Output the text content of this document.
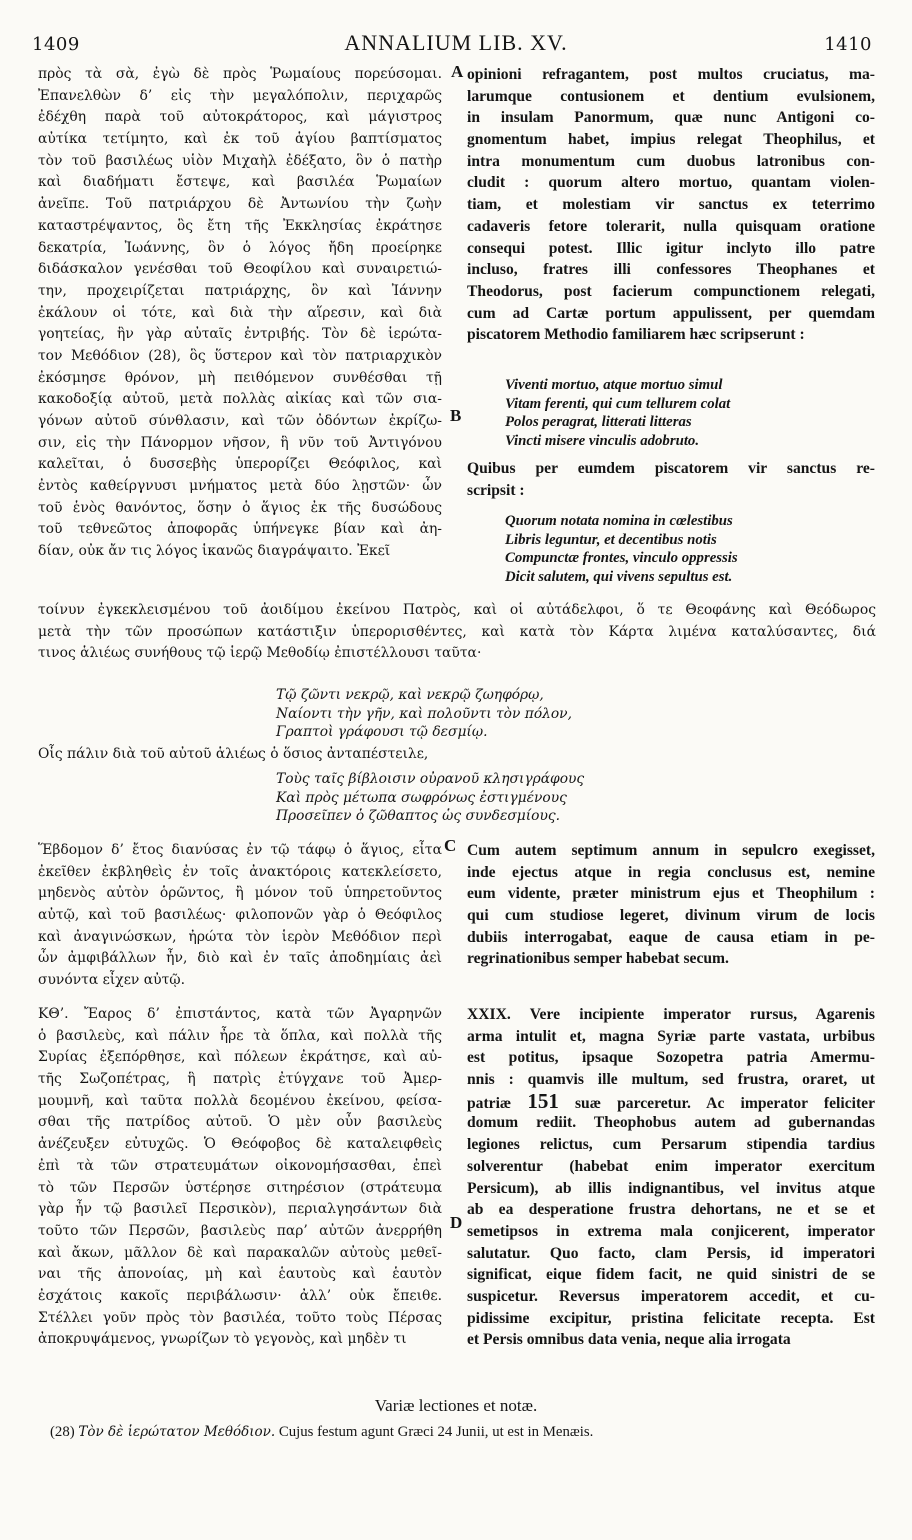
1409	ANNALIUM LIB. XV.	1410
A
B
C
D
πρὸς τὰ σὰ, ἐγὼ δὲ πρὸς Ῥωμαίους πορεύσομαι.
Ἐπανελθὼν δ’ εἰς τὴν μεγαλόπολιν, περιχαρῶς
ἐδέχθη παρὰ τοῦ αὐτοκράτορος, καὶ μάγιστρος
αὐτίκα τετίμητο, καὶ ἐκ τοῦ ἁγίου βαπτίσματος
τὸν τοῦ βασιλέως υἱὸν Μιχαὴλ ἐδέξατο, ὃν ὁ πατὴρ
καὶ διαδήματι ἔστεψε, καὶ βασιλέα Ῥωμαίων
ἀνεῖπε. Τοῦ πατριάρχου δὲ Ἀντωνίου τὴν ζωὴν
καταστρέψαντος, ὃς ἔτη τῆς Ἐκκλησίας ἐκράτησε
δεκατρία, Ἰωάννης, ὃν ὁ λόγος ἤδη προείρηκε
διδάσκαλον γενέσθαι τοῦ Θεοφίλου καὶ συναιρετιώ-
την, προχειρίζεται πατριάρχης, ὃν καὶ Ἰάννην
ἐκάλουν οἱ τότε, καὶ διὰ τὴν αἵρεσιν, καὶ διὰ
γοητείας, ἣν γὰρ αὐταῖς ἐντριβής. Τὸν δὲ ἱερώτα-
τον Μεθόδιον (28), ὃς ὕστερον καὶ τὸν πατριαρχικὸν
ἐκόσμησε θρόνον, μὴ πειθόμενον συνθέσθαι τῇ
κακοδοξίᾳ αὐτοῦ, μετὰ πολλὰς αἰκίας καὶ τῶν σια-
γόνων αὐτοῦ σύνθλασιν, καὶ τῶν ὀδόντων ἐκρίζω-
σιν, εἰς τὴν Πάνορμον νῆσον, ἣ νῦν τοῦ Ἀντιγόνου
καλεῖται, ὁ δυσσεβὴς ὑπερορίζει Θεόφιλος, καὶ
ἐντὸς καθείργνυσι μνήματος μετὰ δύο λῃστῶν· ὧν
τοῦ ἑνὸς θανόντος, ὅσην ὁ ἅγιος ἐκ τῆς δυσώδους
τοῦ τεθνεῶτος ἀποφορᾶς ὑπήνεγκε βίαν καὶ ἀη-
δίαν, οὐκ ἄν τις λόγος ἱκανῶς διαγράψαιτο. Ἐκεῖ
opinioni refragantem, post multos cruciatus, ma-
larumque contusionem et dentium evulsionem,
in insulam Panormum, quæ nunc Antigoni co-
gnomentum habet, impius relegat Theophilus, et
intra monumentum cum duobus latronibus con-
cludit : quorum altero mortuo, quantam violen-
tiam, et molestiam vir sanctus ex teterrimo
cadaveris fetore tolerarit, nulla quisquam oratione
consequi potest. Illic igitur inclyto illo patre
incluso, fratres illi confessores Theophanes et
Theodorus, post facierum compunctionem relegati,
cum ad Cartæ portum appulissent, per quemdam
piscatorem Methodio familiarem hæc scripserunt :
Viventi mortuo, atque mortuo simul
Vitam ferenti, qui cum tellurem colat
Polos peragrat, litterati litteras
Vincti misere vinculis adobruto.
Quibus per eumdem piscatorem vir sanctus re-
scripsit :
Quorum notata nomina in cœlestibus
Libris leguntur, et decentibus notis
Compunctæ frontes, vinculo oppressis
Dicit salutem, qui vivens sepultus est.
τοίνυν ἐγκεκλεισμένου τοῦ ἀοιδίμου ἐκείνου Πατρὸς, καὶ οἱ αὐτάδελφοι, ὅ τε Θεοφάνης καὶ Θεόδωρος
μετὰ τὴν τῶν προσώπων κατάστιξιν ὑπερορισθέντες, καὶ κατὰ τὸν Κάρτα λιμένα καταλύσαντες, διά
τινος ἁλιέως συνήθους τῷ ἱερῷ Μεθοδίῳ ἐπιστέλλουσι ταῦτα·
Τῷ ζῶντι νεκρῷ, καὶ νεκρῷ ζωηφόρῳ,
Ναίοντι τὴν γῆν, καὶ πολοῦντι τὸν πόλον,
Γραπτοὶ γράφουσι τῷ δεσμίῳ.
Οἷς πάλιν διὰ τοῦ αὐτοῦ ἁλιέως ὁ ὅσιος ἀνταπέστειλε,
Τοὺς ταῖς βίβλοισιν οὐρανοῦ κλησιγράφους
Καὶ πρὸς μέτωπα σωφρόνως ἐστιγμένους
Προσεῖπεν ὁ ζῶθαπτος ὡς συνδεσμίους.
Ἕβδομον δ’ ἔτος διανύσας ἐν τῷ τάφῳ ὁ ἅγιος, εἶτα
ἐκεῖθεν ἐκβληθεὶς ἐν τοῖς ἀνακτόροις κατεκλείσετο,
μηδενὸς αὐτὸν ὁρῶντος, ἢ μόνον τοῦ ὑπηρετοῦντος
αὐτῷ, καὶ τοῦ βασιλέως· φιλοπονῶν γὰρ ὁ Θεόφιλος
καὶ ἀναγινώσκων, ἠρώτα τὸν ἱερὸν Μεθόδιον περὶ
ὧν ἀμφιβάλλων ἦν, διὸ καὶ ἐν ταῖς ἀποδημίαις ἀεὶ
συνόντα εἶχεν αὐτῷ.
Cum autem septimum annum in sepulcro exegisset,
inde ejectus atque in regia conclusus est, nemine
eum vidente, præter ministrum ejus et Theophilum :
qui cum studiose legeret, divinum virum de locis
dubiis interrogabat, eaque de causa etiam in pe-
regrinationibus semper habebat secum.
ΚΘ’. Ἔαρος δ’ ἐπιστάντος, κατὰ τῶν Ἀγαρηνῶν
ὁ βασιλεὺς, καὶ πάλιν ἦρε τὰ ὅπλα, καὶ πολλὰ τῆς
Συρίας ἐξεπόρθησε, καὶ πόλεων ἐκράτησε, καὶ αὐ-
τῆς Σωζοπέτρας, ἣ πατρὶς ἐτύγχανε τοῦ Ἀμερ-
μουμνῆ, καὶ ταῦτα πολλὰ δεομένου ἐκείνου, φείσα-
σθαι τῆς πατρίδος αὐτοῦ. Ὁ μὲν οὖν βασιλεὺς
ἀνέζευξεν εὐτυχῶς. Ὁ Θεόφοβος δὲ καταλειφθεὶς
ἐπὶ τὰ τῶν στρατευμάτων οἰκονομήσασθαι, ἐπεὶ
τὸ τῶν Περσῶν ὑστέρησε σιτηρέσιον (στράτευμα
γὰρ ἦν τῷ βασιλεῖ Περσικὸν), περιαλγησάντων διὰ
τοῦτο τῶν Περσῶν, βασιλεὺς παρ’ αὐτῶν ἀνερρήθη
καὶ ἄκων, μᾶλλον δὲ καὶ παρακαλῶν αὐτοὺς μεθεῖ-
ναι τῆς ἀπονοίας, μὴ καὶ ἑαυτοὺς καὶ ἑαυτὸν
ἐσχάτοις κακοῖς περιβάλωσιν· ἀλλ’ οὐκ ἔπειθε.
Στέλλει γοῦν πρὸς τὸν βασιλέα, τοῦτο τοὺς Πέρσας
ἀποκρυψάμενος, γνωρίζων τὸ γεγονὸς, καὶ μηδὲν τι
XXIX. Vere incipiente imperator rursus, Agarenis
arma intulit et, magna Syriæ parte vastata, urbibus
est potitus, ipsaque Sozopetra patria Amermu-
nnis : quamvis ille multum, sed frustra, oraret, ut
patriæ 151 suæ parceretur. Ac imperator feliciter
domum rediit. Theophobus autem ad gubernandas
legiones relictus, cum Persarum stipendia tardius
solverentur (habebat enim imperator exercitum
Persicum), ab illis indignantibus, vel invitus atque
ab ea desperatione frustra dehortans, ne et se et
semetipsos in extrema mala conjicerent, imperator
salutatur. Quo facto, clam Persis, id imperatori
significat, eique fidem facit, ne quid sinistri de se
suspicetur. Reversus imperatorem accedit, et cu-
pidissime excipitur, pristina felicitate recepta. Est
et Persis omnibus data venia, neque alia irrogata
Variæ lectiones et notæ.
(28) Τὸν δὲ ἱερώτατον Μεθόδιον. Cujus festum agunt Græci 24 Junii, ut est in Menæis.
